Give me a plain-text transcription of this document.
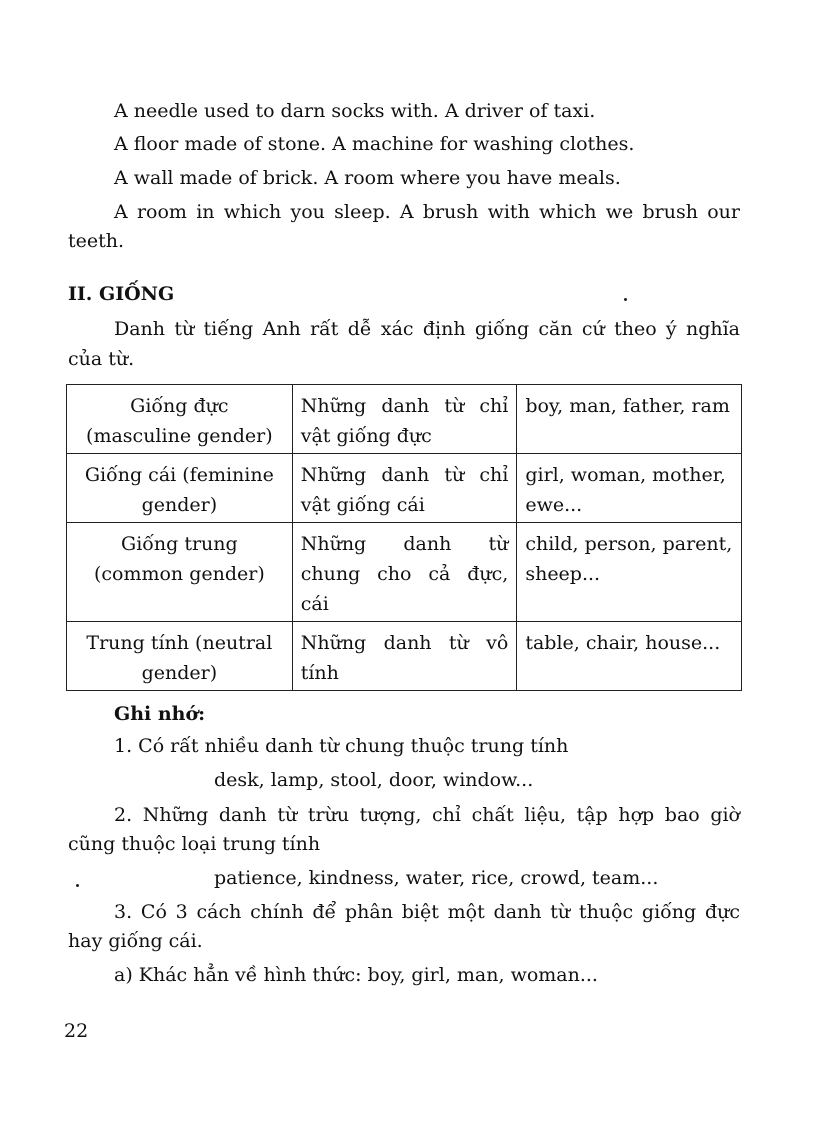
A needle used to darn socks with. A driver of taxi.
A floor made of stone. A machine for washing clothes.
A wall made of brick. A room where you have meals.
A room in which you sleep. A brush with which we brush our
teeth.
II. GIỐNG
Danh từ tiếng Anh rất dễ xác định giống căn cứ theo ý nghĩa
của từ.
Giống đực (masculine gender)	Những danh từ chỉ vật giống đực	boy, man, father, ram
Giống cái (feminine gender)	Những danh từ chỉ vật giống cái	girl, woman, mother, ewe...
Giống trung (common gender)	Những danh từ chung cho cả đực, cái	child, person, parent, sheep...
Trung tính (neutral gender)	Những danh từ vô tính	table, chair, house...
Ghi nhớ:
1. Có rất nhiều danh từ chung thuộc trung tính
desk, lamp, stool, door, window...
2. Những danh từ trừu tượng, chỉ chất liệu, tập hợp bao giờ
cũng thuộc loại trung tính
patience, kindness, water, rice, crowd, team...
3. Có 3 cách chính để phân biệt một danh từ thuộc giống đực
hay giống cái.
a) Khác hẳn về hình thức: boy, girl, man, woman...
22
